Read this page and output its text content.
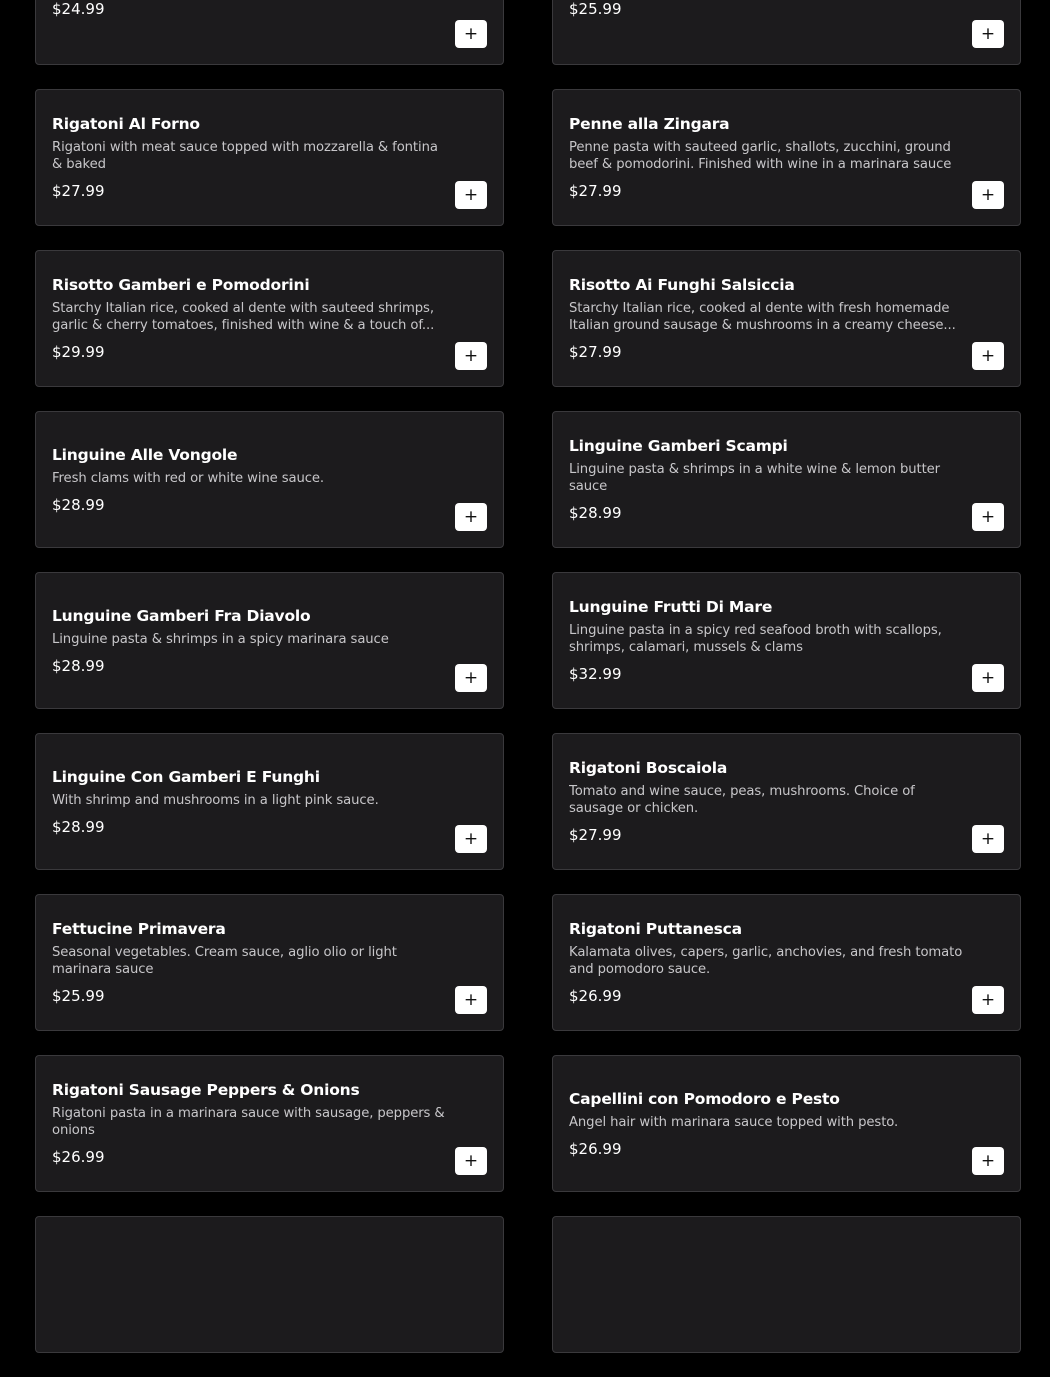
$24.99
+
$25.99
+
Rigatoni Al Forno
Rigatoni with meat sauce topped with mozzarella & fontina & baked
$27.99	+
Penne alla Zingara
Penne pasta with sauteed garlic, shallots, zucchini, ground beef & pomodorini. Finished with wine in a marinara sauce
$27.99	+
Risotto Gamberi e Pomodorini
Starchy Italian rice, cooked al dente with sauteed shrimps, garlic & cherry tomatoes, finished with wine & a touch of...
$29.99	+
Risotto Ai Funghi Salsiccia
Starchy Italian rice, cooked al dente with fresh homemade Italian ground sausage & mushrooms in a creamy cheese...
$27.99	+
Linguine Alle Vongole
Fresh clams with red or white wine sauce.
$28.99
+
Linguine Gamberi Scampi
Linguine pasta & shrimps in a white wine & lemon butter sauce
$28.99	+
Lunguine Gamberi Fra Diavolo
Linguine pasta & shrimps in a spicy marinara sauce
$28.99
+
Lunguine Frutti Di Mare
Linguine pasta in a spicy red seafood broth with scallops, shrimps, calamari, mussels & clams
$32.99	+
Linguine Con Gamberi E Funghi
With shrimp and mushrooms in a light pink sauce.
$28.99
+
Rigatoni Boscaiola
Tomato and wine sauce, peas, mushrooms. Choice of sausage or chicken.
$27.99	+
Fettucine Primavera
Seasonal vegetables. Cream sauce, aglio olio or light marinara sauce
$25.99	+
Rigatoni Puttanesca
Kalamata olives, capers, garlic, anchovies, and fresh tomato and pomodoro sauce.
$26.99	+
Rigatoni Sausage Peppers & Onions
Rigatoni pasta in a marinara sauce with sausage, peppers & onions
$26.99	+
Capellini con Pomodoro e Pesto
Angel hair with marinara sauce topped with pesto.
$26.99
+
